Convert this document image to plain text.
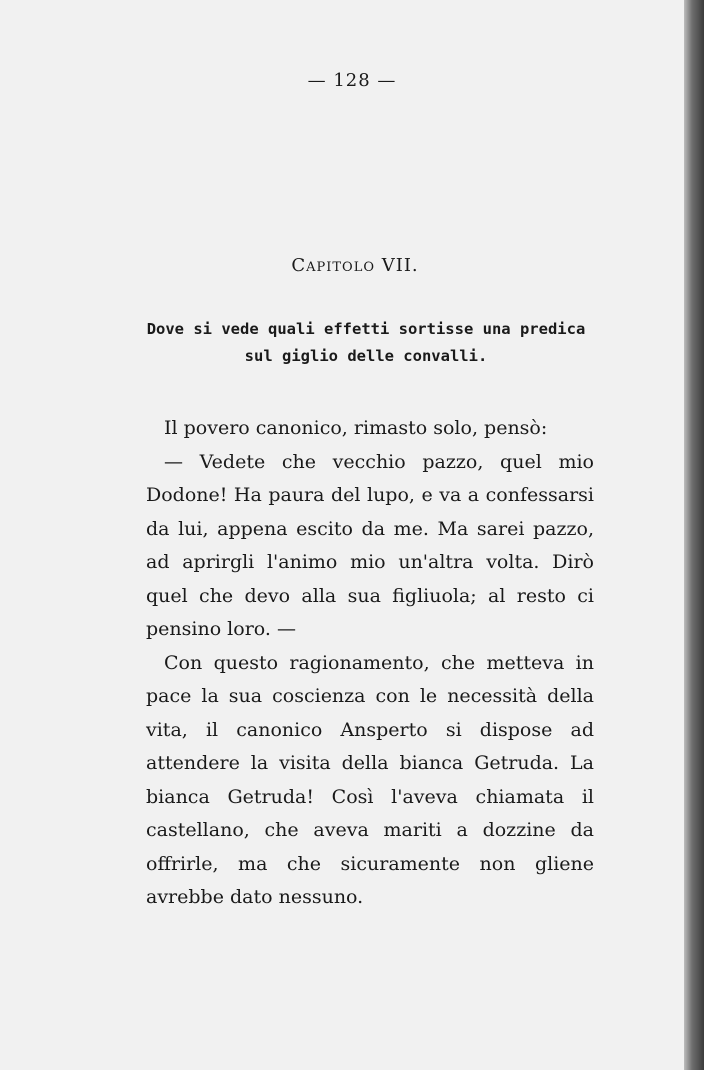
— 128 —
Capitolo VII.
Dove si vede quali effetti sortisse una predica sul giglio delle convalli.

Il povero canonico, rimasto solo, pensò:

— Vedete che vecchio pazzo, quel mio Dodone! Ha paura del lupo, e va a confessarsi da lui, appena escito da me. Ma sarei pazzo, ad aprirgli l'animo mio un'altra volta. Dirò quel che devo alla sua figliuola; al resto ci pensino loro. —

Con questo ragionamento, che metteva in pace la sua coscienza con le necessità della vita, il canonico Ansperto si dispose ad attendere la visita della bianca Getruda. La bianca Getruda! Così l'aveva chiamata il castellano, che aveva mariti a dozzine da offrirle, ma che sicuramente non gliene avrebbe dato nessuno.
